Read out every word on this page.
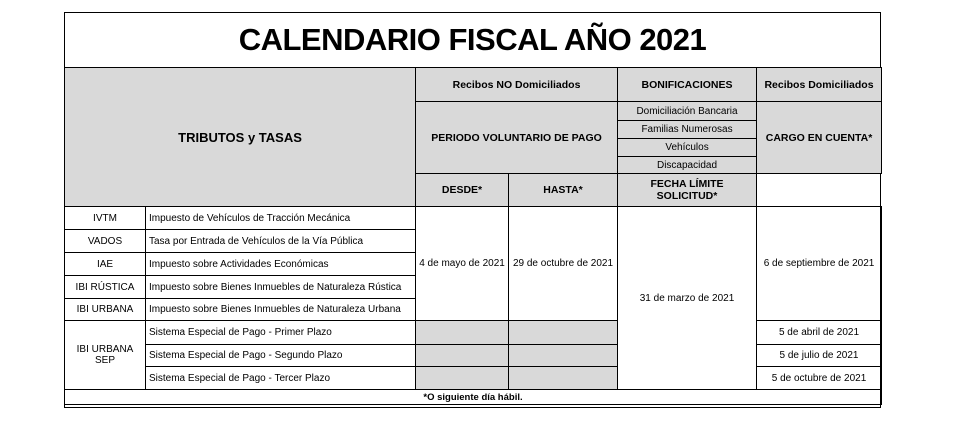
CALENDARIO FISCAL AÑO 2021
TRIBUTOS y TASAS		Recibos NO Domiciliados		BONIFICACIONES	Recibos Domiciliados
		PERIODO VOLUNTARIO DE PAGO		Domiciliación Bancaria	CARGO EN CUENTA*
				Familias Numerosas	
				Vehículos	
				Discapacidad	
		DESDE*	HASTA*	FECHA LÍMITE SOLICITUD*	
IVTM	Impuesto de Vehículos de Tracción Mecánica	4 de mayo de 2021	29 de octubre de 2021	31 de marzo de 2021	6 de septiembre de 2021
VADOS	Tasa por Entrada de Vehículos de la Vía Pública				
IAE	Impuesto sobre Actividades Económicas				
IBI RÚSTICA	Impuesto sobre Bienes Inmuebles de Naturaleza Rústica				
IBI URBANA	Impuesto sobre Bienes Inmuebles de Naturaleza Urbana				
IBI URBANA SEP	Sistema Especial de Pago - Primer Plazo				5 de abril de 2021
	Sistema Especial de Pago - Segundo Plazo				5 de julio de 2021
	Sistema Especial de Pago - Tercer Plazo				5 de octubre de 2021
*O siguiente día hábil.					
